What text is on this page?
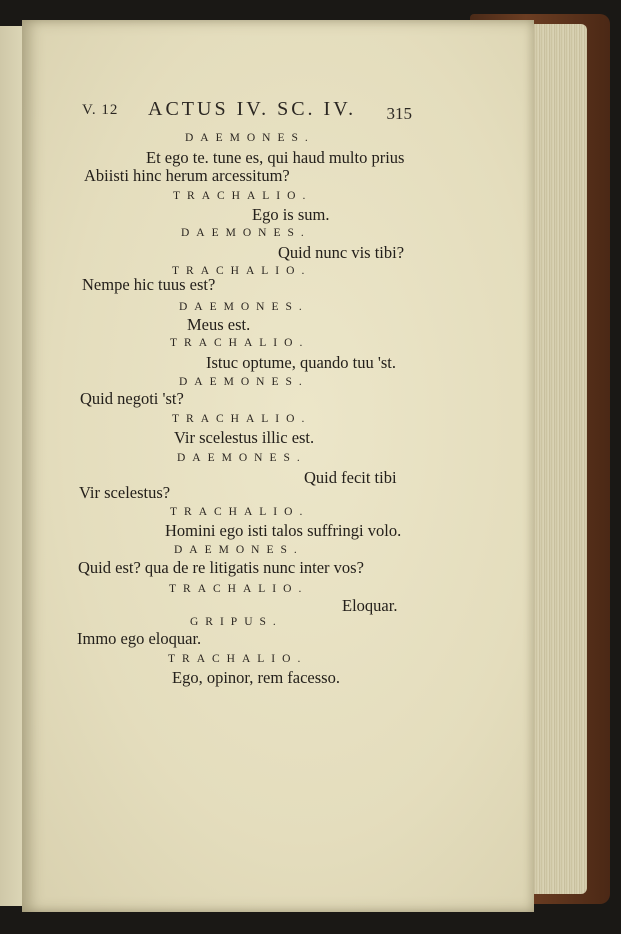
V. 12 ACTUS IV. SC. IV. 315
DAEMONES.
Et ego te. tune es, qui haud multo prius
Abiisti hinc herum arcessitum?
TRACHALIO.
Ego is sum.
DAEMONES.
Quid nunc vis tibi?
TRACHALIO.
Nempe hic tuus est?
DAEMONES.
Meus est.
TRACHALIO.
Istuc optume, quando tuu 'st.
DAEMONES.
Quid negoti 'st?
TRACHALIO.
Vir scelestus illic est.
DAEMONES.
Quid fecit tibi
Vir scelestus?
TRACHALIO.
Homini ego isti talos suffringi volo.
DAEMONES.
Quid est? qua de re litigatis nunc inter vos?
TRACHALIO.
Eloquar.
GRIPUS.
Immo ego eloquar.
TRACHALIO.
Ego, opinor, rem facesso.
